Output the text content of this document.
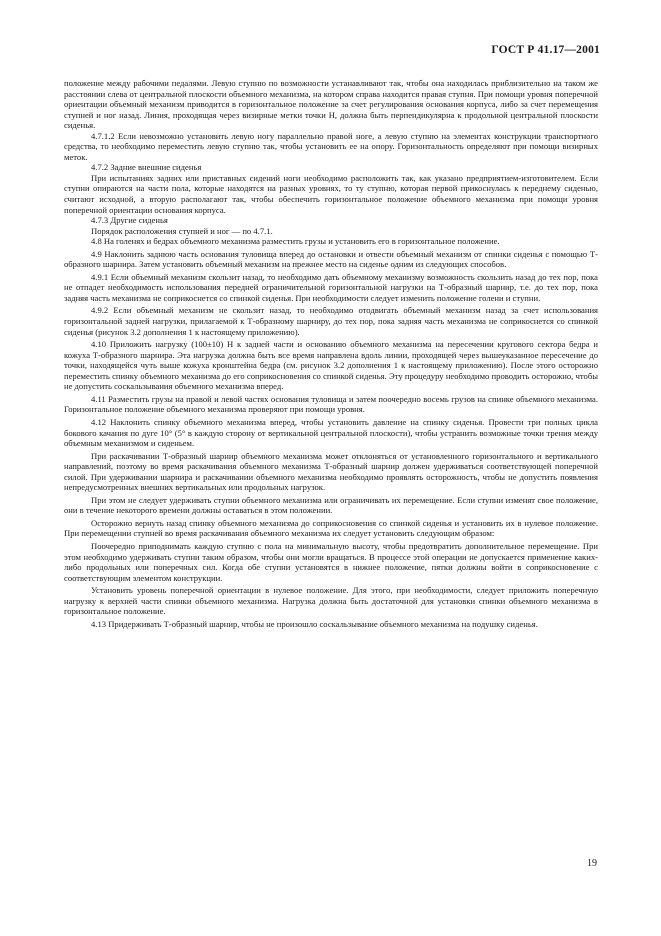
ГОСТ Р 41.17—2001

положение между рабочими педалями. Левую ступню по возможности устанавливают так, чтобы она находилась приблизительно на таком же расстоянии слева от центральной плоскости объемного механизма, на котором справа находится правая ступня. При помощи уровня поперечной ориентации объемный механизм приводится в горизонтальное положение за счет регулирования основания корпуса, либо за счет перемещения ступней и ног назад. Линия, проходящая через визирные метки точки H, должна быть перпендикулярна к продольной центральной плоскости сиденья.

4.7.1.2 Если невозможно установить левую ногу параллельно правой ноге, а левую ступню на элементах конструкции транспортного средства, то необходимо переместить левую ступню так, чтобы установить ее на опору. Горизонтальность определяют при помощи визирных меток.

4.7.2 Задние внешние сиденья

При испытаниях задних или приставных сидений ноги необходимо расположить так, как указано предприятием-изготовителем. Если ступни опираются на части пола, которые находятся на разных уровнях, то ту ступню, которая первой прикоснулась к переднему сиденью, считают исходной, а вторую располагают так, чтобы обеспечить горизонтальное положение объемного механизма при помощи уровня поперечной ориентации основания корпуса.

4.7.3 Другие сиденья

Порядок расположения ступней и ног — по 4.7.1.

4.8 На голенях и бедрах объемного механизма разместить грузы и установить его в горизонтальное положение.

4.9 Наклонить заднюю часть основания туловища вперед до остановки и отвести объемный механизм от спинки сиденья с помощью Т-образного шарнира. Затем установить объемный механизм на прежнее место на сиденье одним из следующих способов.

4.9.1 Если объемный механизм скользит назад, то необходимо дать объемному механизму возможность скользить назад до тех пор, пока не отпадет необходимость использования передней ограничительной горизонтальной нагрузки на Т-образный шарнир, т.е. до тех пор, пока задняя часть механизма не соприкоснется со спинкой сиденья. При необходимости следует изменить положение голени и ступни.

4.9.2 Если объемный механизм не скользит назад, то необходимо отодвигать объемный механизм назад за счет использования горизонтальной задней нагрузки, прилагаемой к Т-образному шарниру, до тех пор, пока задняя часть механизма не соприкоснется со спинкой сиденья (рисунок 3.2 дополнения 1 к настоящему приложению).

4.10 Приложить нагрузку (100±10) Н к задней части и основанию объемного механизма на пересечении кругового сектора бедра и кожуха Т-образного шарнира. Эта нагрузка должна быть все время направлена вдоль линии, проходящей через вышеуказанное пересечение до точки, находящейся чуть выше кожуха кронштейна бедра (см. рисунок 3.2 дополнения 1 к настоящему приложению). После этого осторожно переместить спинку объемного механизма до его соприкосновения со спинкой сиденья. Эту процедуру необходимо проводить осторожно, чтобы не допустить соскальзывания объемного механизма вперед.

4.11 Разместить грузы на правой и левой частях основания туловища и затем поочередно восемь грузов на спинке объемного механизма. Горизонтальное положение объемного механизма проверяют при помощи уровня.

4.12 Наклонить спинку объемного механизма вперед, чтобы установить давление на спинку сиденья. Провести три полных цикла бокового качания по дуге 10° (5° в каждую сторону от вертикальной центральной плоскости), чтобы устранить возможные точки трения между объемным механизмом и сиденьем.

При раскачивании Т-образный шарнир объемного механизма может отклоняться от установленного горизонтального и вертикального направлений, поэтому во время раскачивания объемного механизма Т-образный шарнир должен удерживаться соответствующей поперечной силой. При удерживании шарнира и раскачивании объемного механизма необходимо проявлять осторожность, чтобы не допустить появления непредусмотренных внешних вертикальных или продольных нагрузок.

При этом не следует удерживать ступни объемного механизма или ограничивать их перемещение. Если ступни изменят свое положение, они в течение некоторого времени должны оставаться в этом положении.

Осторожно вернуть назад спинку объемного механизма до соприкосновения со спинкой сиденья и установить их в нулевое положение. При перемещении ступней во время раскачивания объемного механизма их следует установить следующим образом:

Поочередно приподнимать каждую ступню с пола на минимальную высоту, чтобы предотвратить дополнительное перемещение. При этом необходимо удерживать ступни таким образом, чтобы они могли вращаться. В процессе этой операции не допускается применение каких-либо продольных или поперечных сил. Когда обе ступни установятся в нижнее положение, пятки должны войти в соприкосновение с соответствующим элементом конструкции.

Установить уровень поперечной ориентации в нулевое положение. Для этого, при необходимости, следует приложить поперечную нагрузку к верхней части спинки объемного механизма. Нагрузка должна быть достаточной для установки спинки объемного механизма в горизонтальное положение.

4.13 Придерживать Т-образный шарнир, чтобы не произошло соскальзывание объемного механизма на подушку сиденья.

19
